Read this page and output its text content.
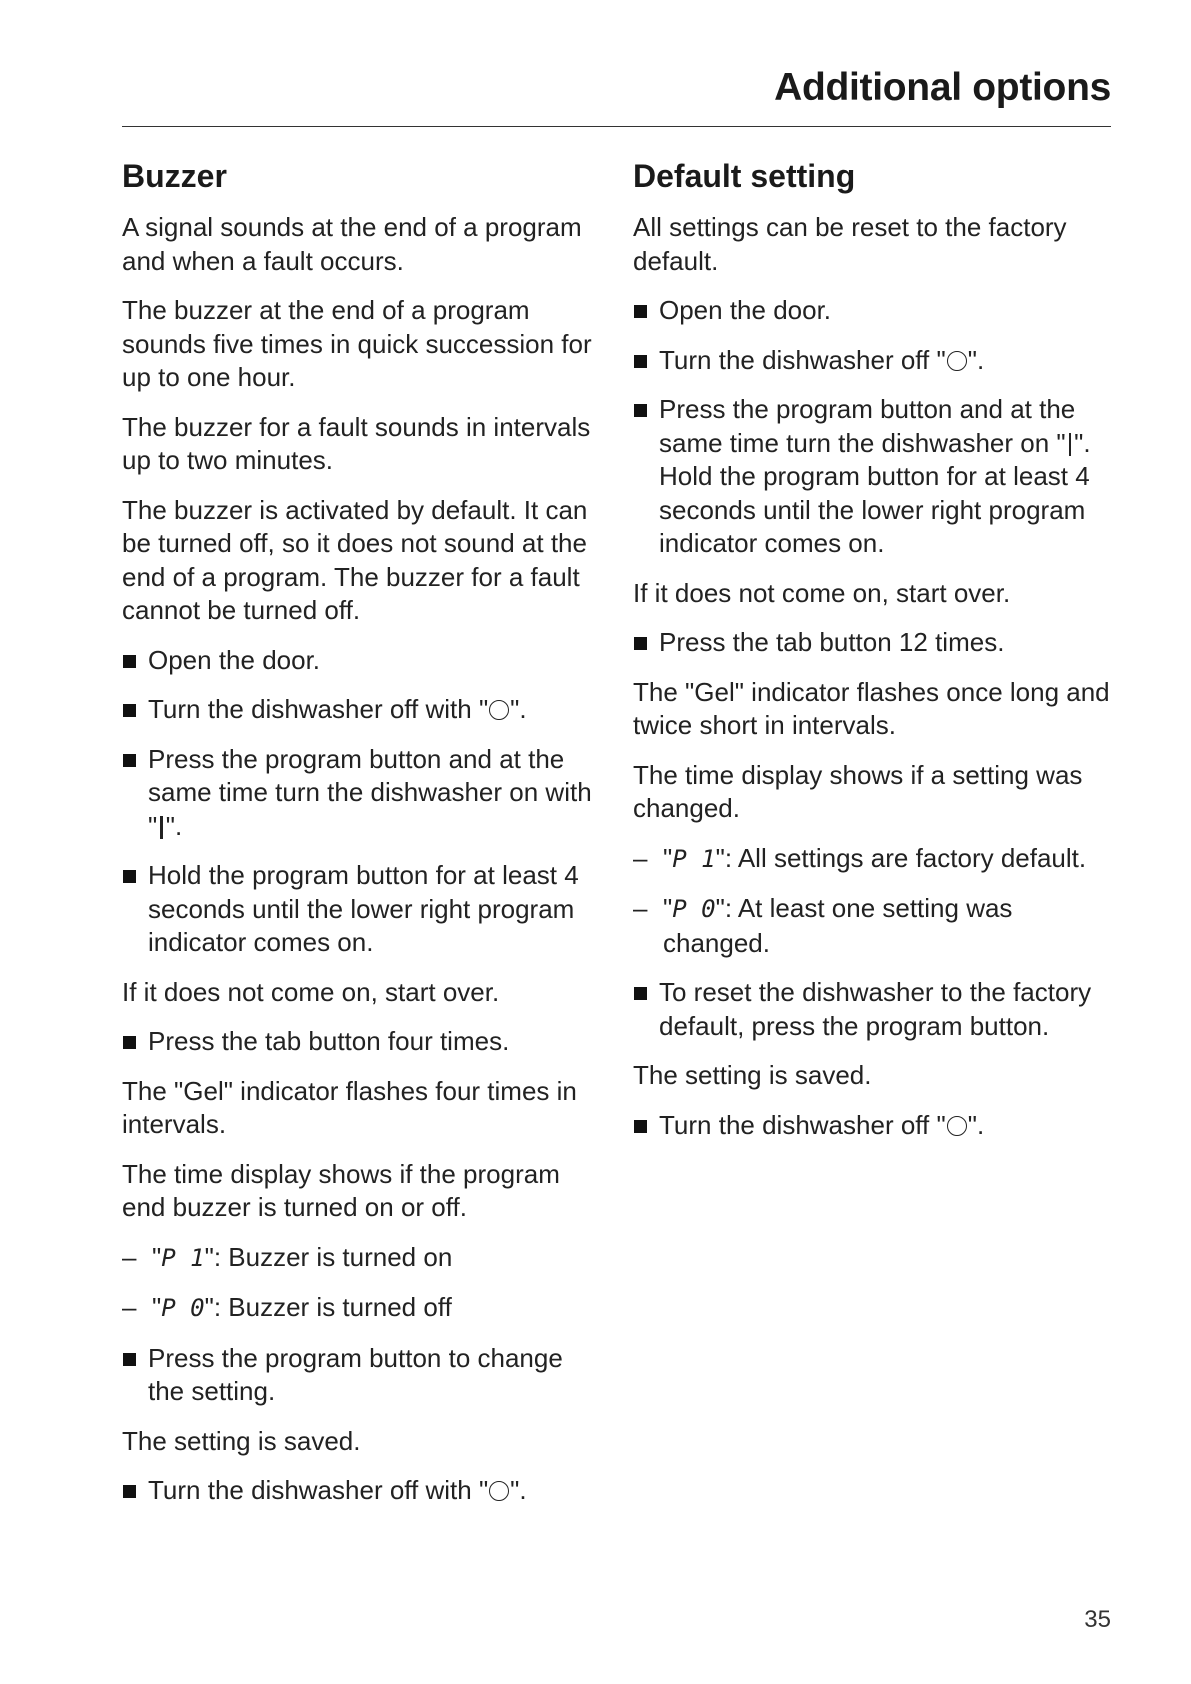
Additional options
Buzzer

A signal sounds at the end of a program and when a fault occurs.

The buzzer at the end of a program sounds five times in quick succession for up to one hour.

The buzzer for a fault sounds in intervals up to two minutes.

The buzzer is activated by default. It can be turned off, so it does not sound at the end of a program. The buzzer for a fault cannot be turned off.

Open the door.
Turn the dishwasher off with " ".
Press the program button and at the same time turn the dishwasher on with " ".
Hold the program button for at least 4 seconds until the lower right program indicator comes on.

If it does not come on, start over.

Press the tab button four times.

The "Gel" indicator flashes four times in intervals.

The time display shows if the program end buzzer is turned on or off.

– "P 1": Buzzer is turned on
– "P 0": Buzzer is turned off
Press the program button to change the setting.

The setting is saved.

Turn the dishwasher off with " ".
Default setting

All settings can be reset to the factory default.

Open the door.
Turn the dishwasher off " ".
Press the program button and at the same time turn the dishwasher on " ". Hold the program button for at least 4 seconds until the lower right program indicator comes on.

If it does not come on, start over.

Press the tab button 12 times.

The "Gel" indicator flashes once long and twice short in intervals.

The time display shows if a setting was changed.

– "P 1": All settings are factory default.
– "P 0": At least one setting was changed.
To reset the dishwasher to the factory default, press the program button.

The setting is saved.

Turn the dishwasher off " ".
35
